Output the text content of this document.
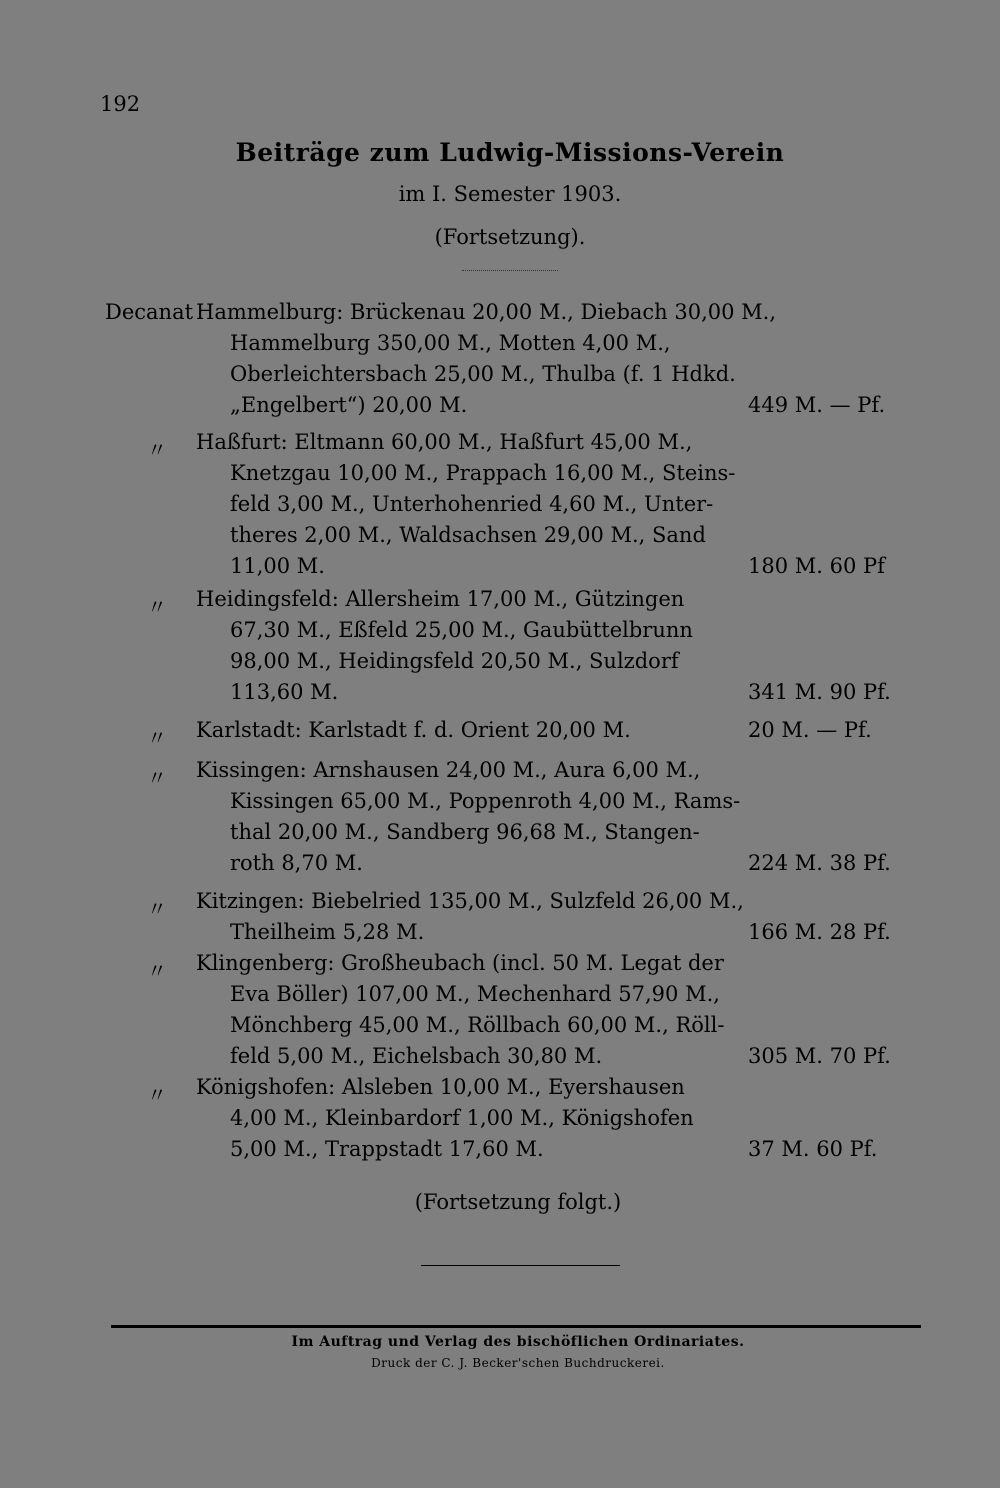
192
Beiträge zum Ludwig-Missions-Verein
im I. Semester 1903.
(Fortsetzung).
Decanat Hammelburg: Brückenau 20,00 M., Diebach 30,00 M.,
Hammelburg 350,00 M., Motten 4,00 M.,
Oberleichtersbach 25,00 M., Thulba (f. 1 Hdkd.
„Engelbert“) 20,00 M.	449 M. — Pf.
〃 Haßfurt: Eltmann 60,00 M., Haßfurt 45,00 M.,
Knetzgau 10,00 M., Prappach 16,00 M., Steins-
feld 3,00 M., Unterhohenried 4,60 M., Unter-
theres 2,00 M., Waldsachsen 29,00 M., Sand
11,00 M.	180 M. 60 Pf
〃 Heidingsfeld: Allersheim 17,00 M., Gützingen
67,30 M., Eßfeld 25,00 M., Gaubüttelbrunn
98,00 M., Heidingsfeld 20,50 M., Sulzdorf
113,60 M.	341 M. 90 Pf.
〃 Karlstadt: Karlstadt f. d. Orient 20,00 M.	20 M. — Pf.
〃 Kissingen: Arnshausen 24,00 M., Aura 6,00 M.,
Kissingen 65,00 M., Poppenroth 4,00 M., Rams-
thal 20,00 M., Sandberg 96,68 M., Stangen-
roth 8,70 M.	224 M. 38 Pf.
〃 Kitzingen: Biebelried 135,00 M., Sulzfeld 26,00 M.,
Theilheim 5,28 M.	166 M. 28 Pf.
〃 Klingenberg: Großheubach (incl. 50 M. Legat der
Eva Böller) 107,00 M., Mechenhard 57,90 M.,
Mönchberg 45,00 M., Röllbach 60,00 M., Röll-
feld 5,00 M., Eichelsbach 30,80 M.	305 M. 70 Pf.
〃 Königshofen: Alsleben 10,00 M., Eyershausen
4,00 M., Kleinbardorf 1,00 M., Königshofen
5,00 M., Trappstadt 17,60 M.	37 M. 60 Pf.
(Fortsetzung folgt.)
Im Auftrag und Verlag des bischöflichen Ordinariates.
Druck der C. J. Becker'schen Buchdruckerei.
